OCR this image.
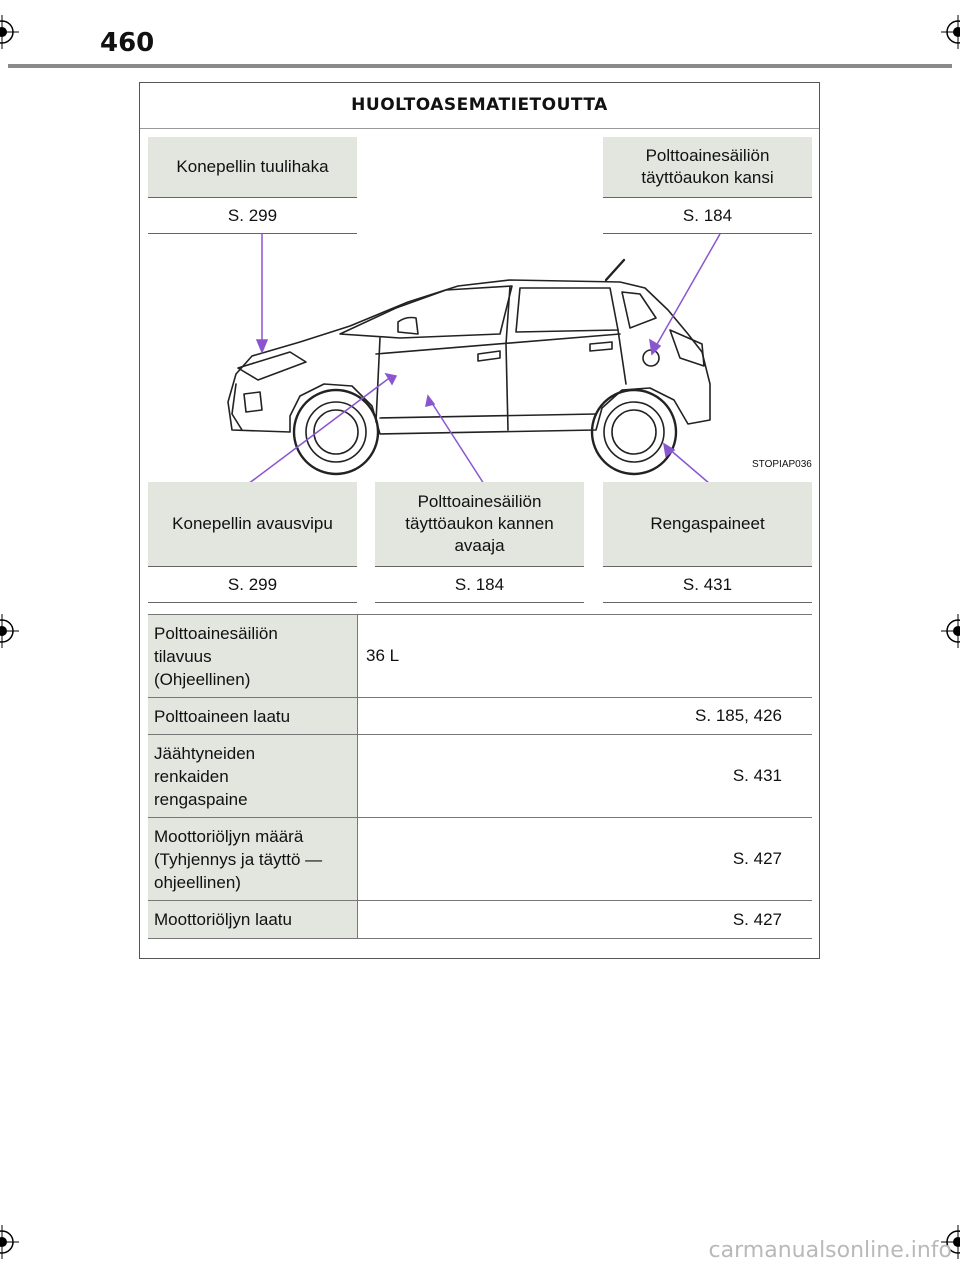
460
HUOLTOASEMATIETOUTTA
Konepellin tuulihaka
S. 299
Polttoainesäiliön
täyttöaukon kansi
S. 184
STOPIAP036
Konepellin avausvipu
S. 299
Polttoainesäiliön
täyttöaukon kannen
avaaja
S. 184
Rengaspaineet
S. 431
Polttoainesäiliön
tilavuus
(Ohjeellinen)
36 L
Polttoaineen laatu	S. 185, 426
Jäähtyneiden
renkaiden
rengaspaine
S. 431
Moottoriöljyn määrä
(Tyhjennys ja täyttö —
ohjeellinen)
S. 427
Moottoriöljyn laatu	S. 427
carmanualsonline.info
